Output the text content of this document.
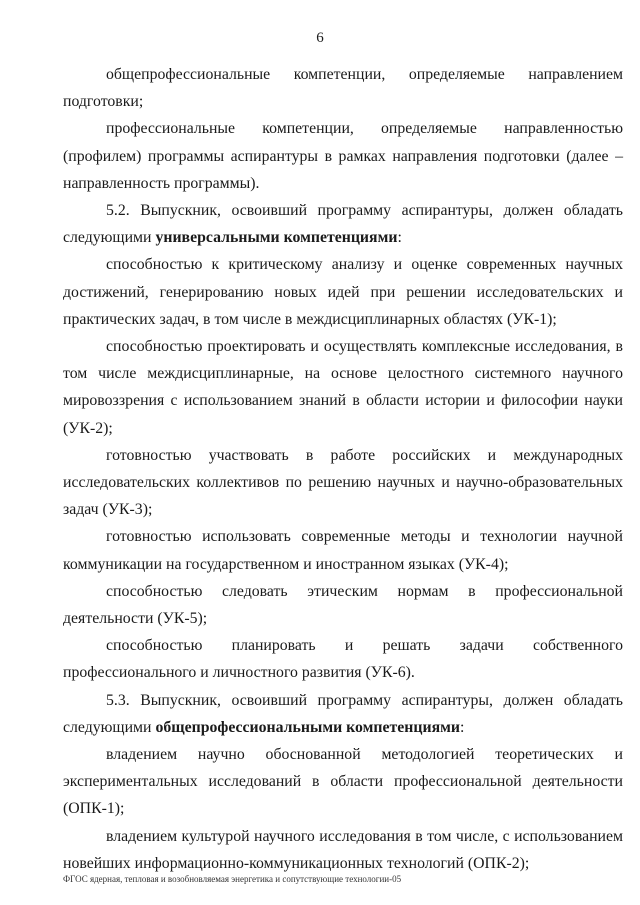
6

общепрофессиональные компетенции, определяемые направлением подготовки;

профессиональные компетенции, определяемые направленностью (профилем) программы аспирантуры в рамках направления подготовки (далее – направленность программы).

5.2. Выпускник, освоивший программу аспирантуры, должен обладать следующими универсальными компетенциями:

способностью к критическому анализу и оценке современных научных достижений, генерированию новых идей при решении исследовательских и практических задач, в том числе в междисциплинарных областях (УК-1);

способностью проектировать и осуществлять комплексные исследования, в том числе междисциплинарные, на основе целостного системного научного мировоззрения с использованием знаний в области истории и философии науки (УК-2);

готовностью участвовать в работе российских и международных исследовательских коллективов по решению научных и научно-образовательных задач (УК-3);

готовностью использовать современные методы и технологии научной коммуникации на государственном и иностранном языках (УК-4);

способностью следовать этическим нормам в профессиональной деятельности (УК-5);

способностью планировать и решать задачи собственного профессионального и личностного развития (УК-6).

5.3. Выпускник, освоивший программу аспирантуры, должен обладать следующими общепрофессиональными компетенциями:

владением научно обоснованной методологией теоретических и экспериментальных исследований в области профессиональной деятельности (ОПК-1);

владением культурой научного исследования в том числе, с использованием новейших информационно-коммуникационных технологий (ОПК-2);

ФГОС ядерная, тепловая и возобновляемая энергетика и сопутствующие технологии-05
